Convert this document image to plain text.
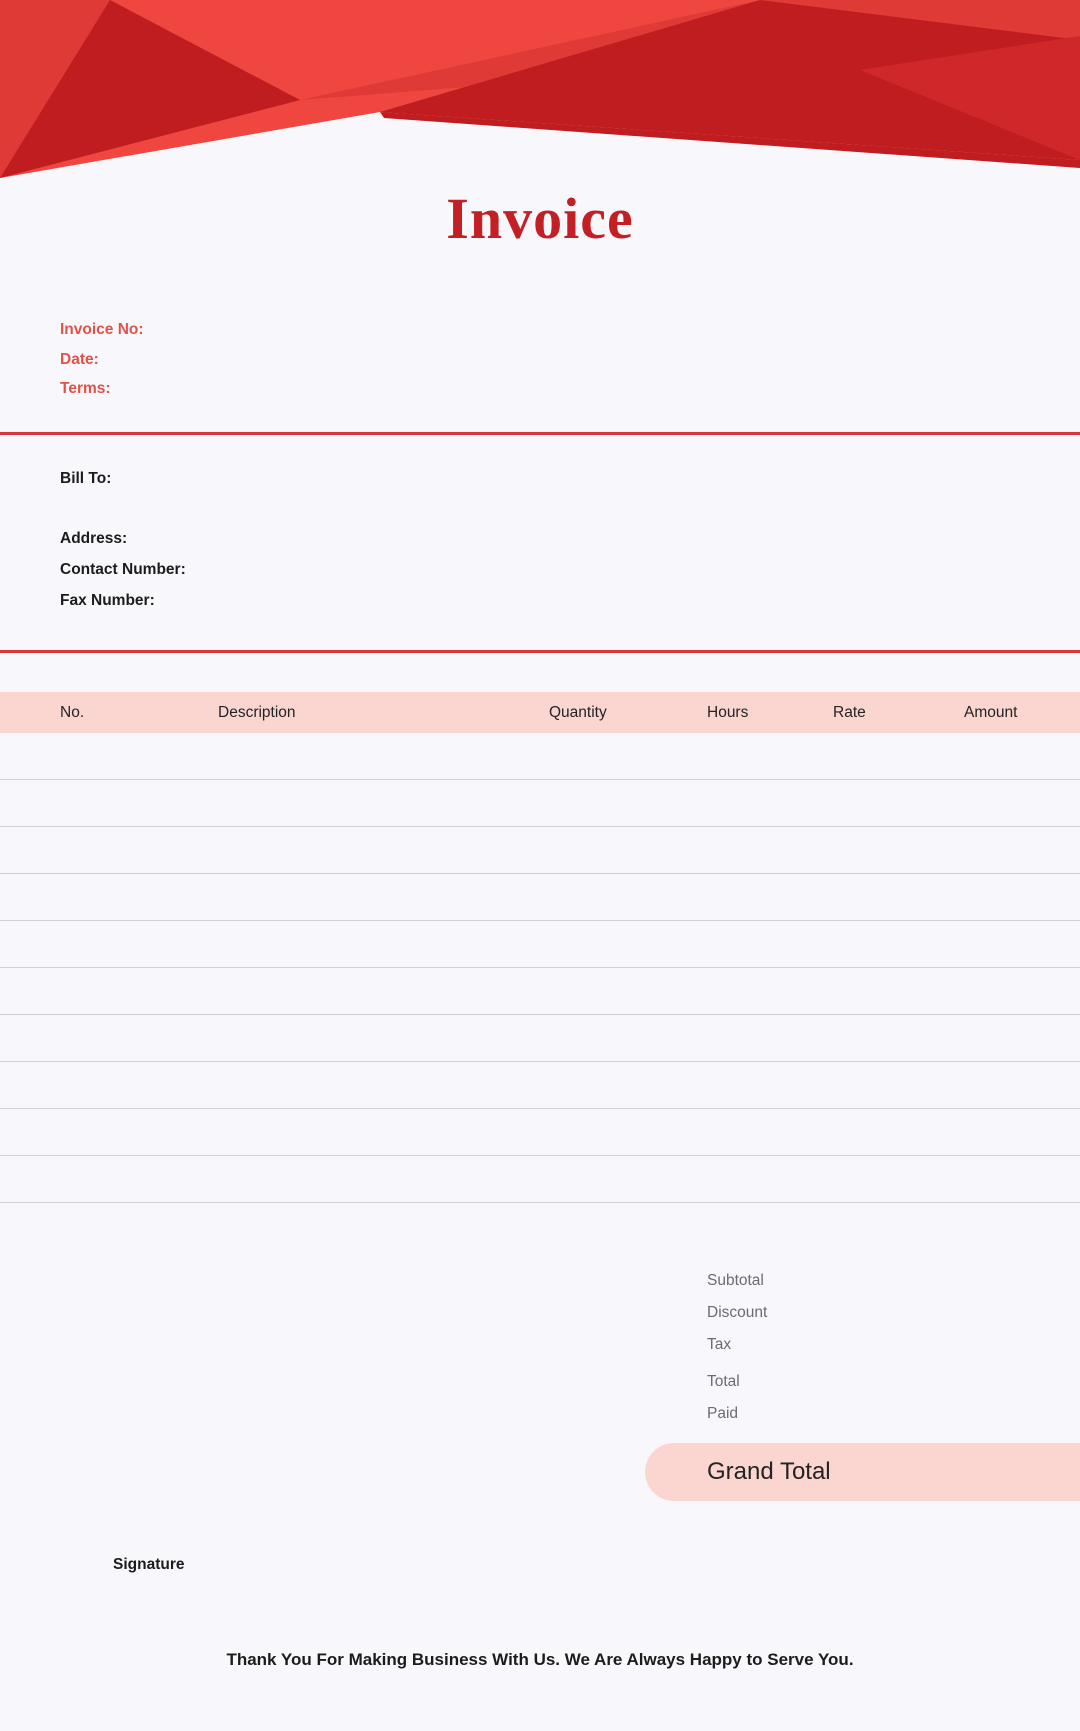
Invoice
Invoice No:
Date:
Terms:
Bill To:
Address:
Contact Number:
Fax Number:
No.	Description	Quantity	Hours	Rate	Amount
Subtotal
Discount
Tax
Total
Paid
Grand Total
Signature
Thank You For Making Business With Us. We Are Always Happy to Serve You.
